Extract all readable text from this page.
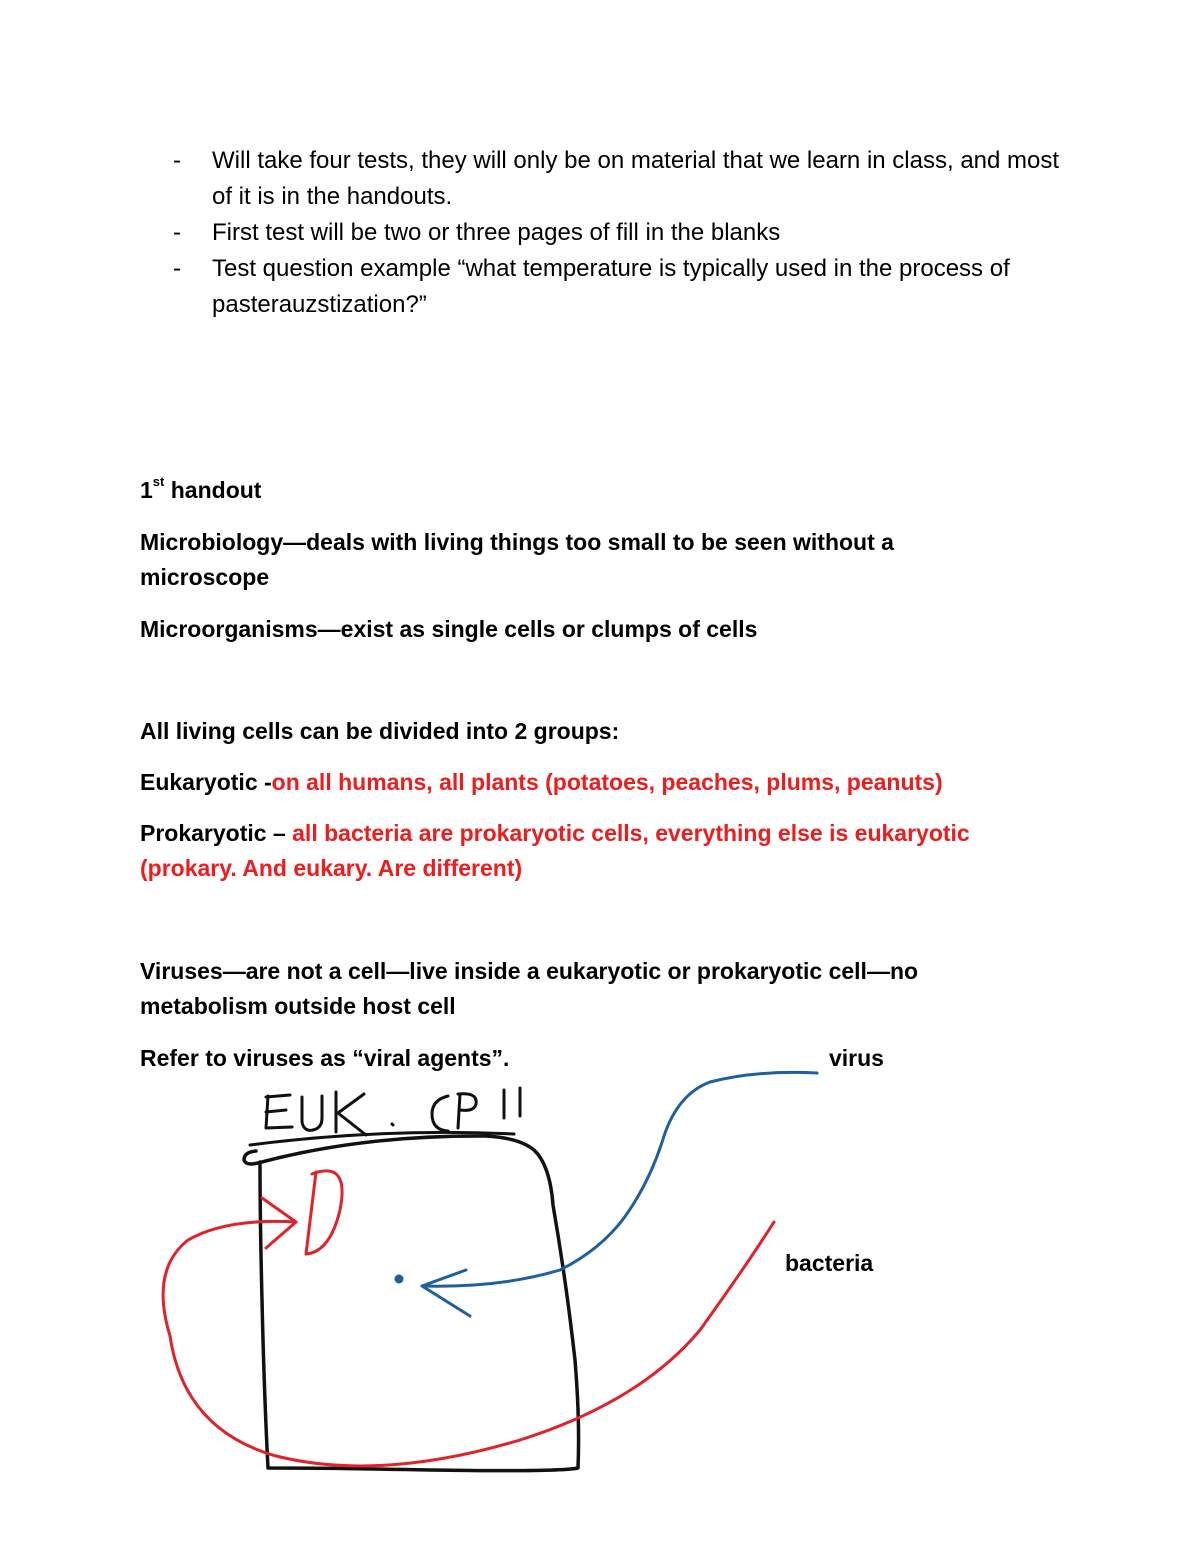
- Will take four tests, they will only be on material that we learn in class, and most of it is in the handouts.
- First test will be two or three pages of fill in the blanks
- Test question example “what temperature is typically used in the process of pasterauzstization?”

1st handout

Microbiology—deals with living things too small to be seen without a microscope

Microorganisms—exist as single cells or clumps of cells

All living cells can be divided into 2 groups:

Eukaryotic -on all humans, all plants (potatoes, peaches, plums, peanuts)

Prokaryotic – all bacteria are prokaryotic cells, everything else is eukaryotic (prokary. And eukary. Are different)

Viruses—are not a cell—live inside a eukaryotic or prokaryotic cell—no metabolism outside host cell

Refer to viruses as “viral agents”.	virus

bacteria
